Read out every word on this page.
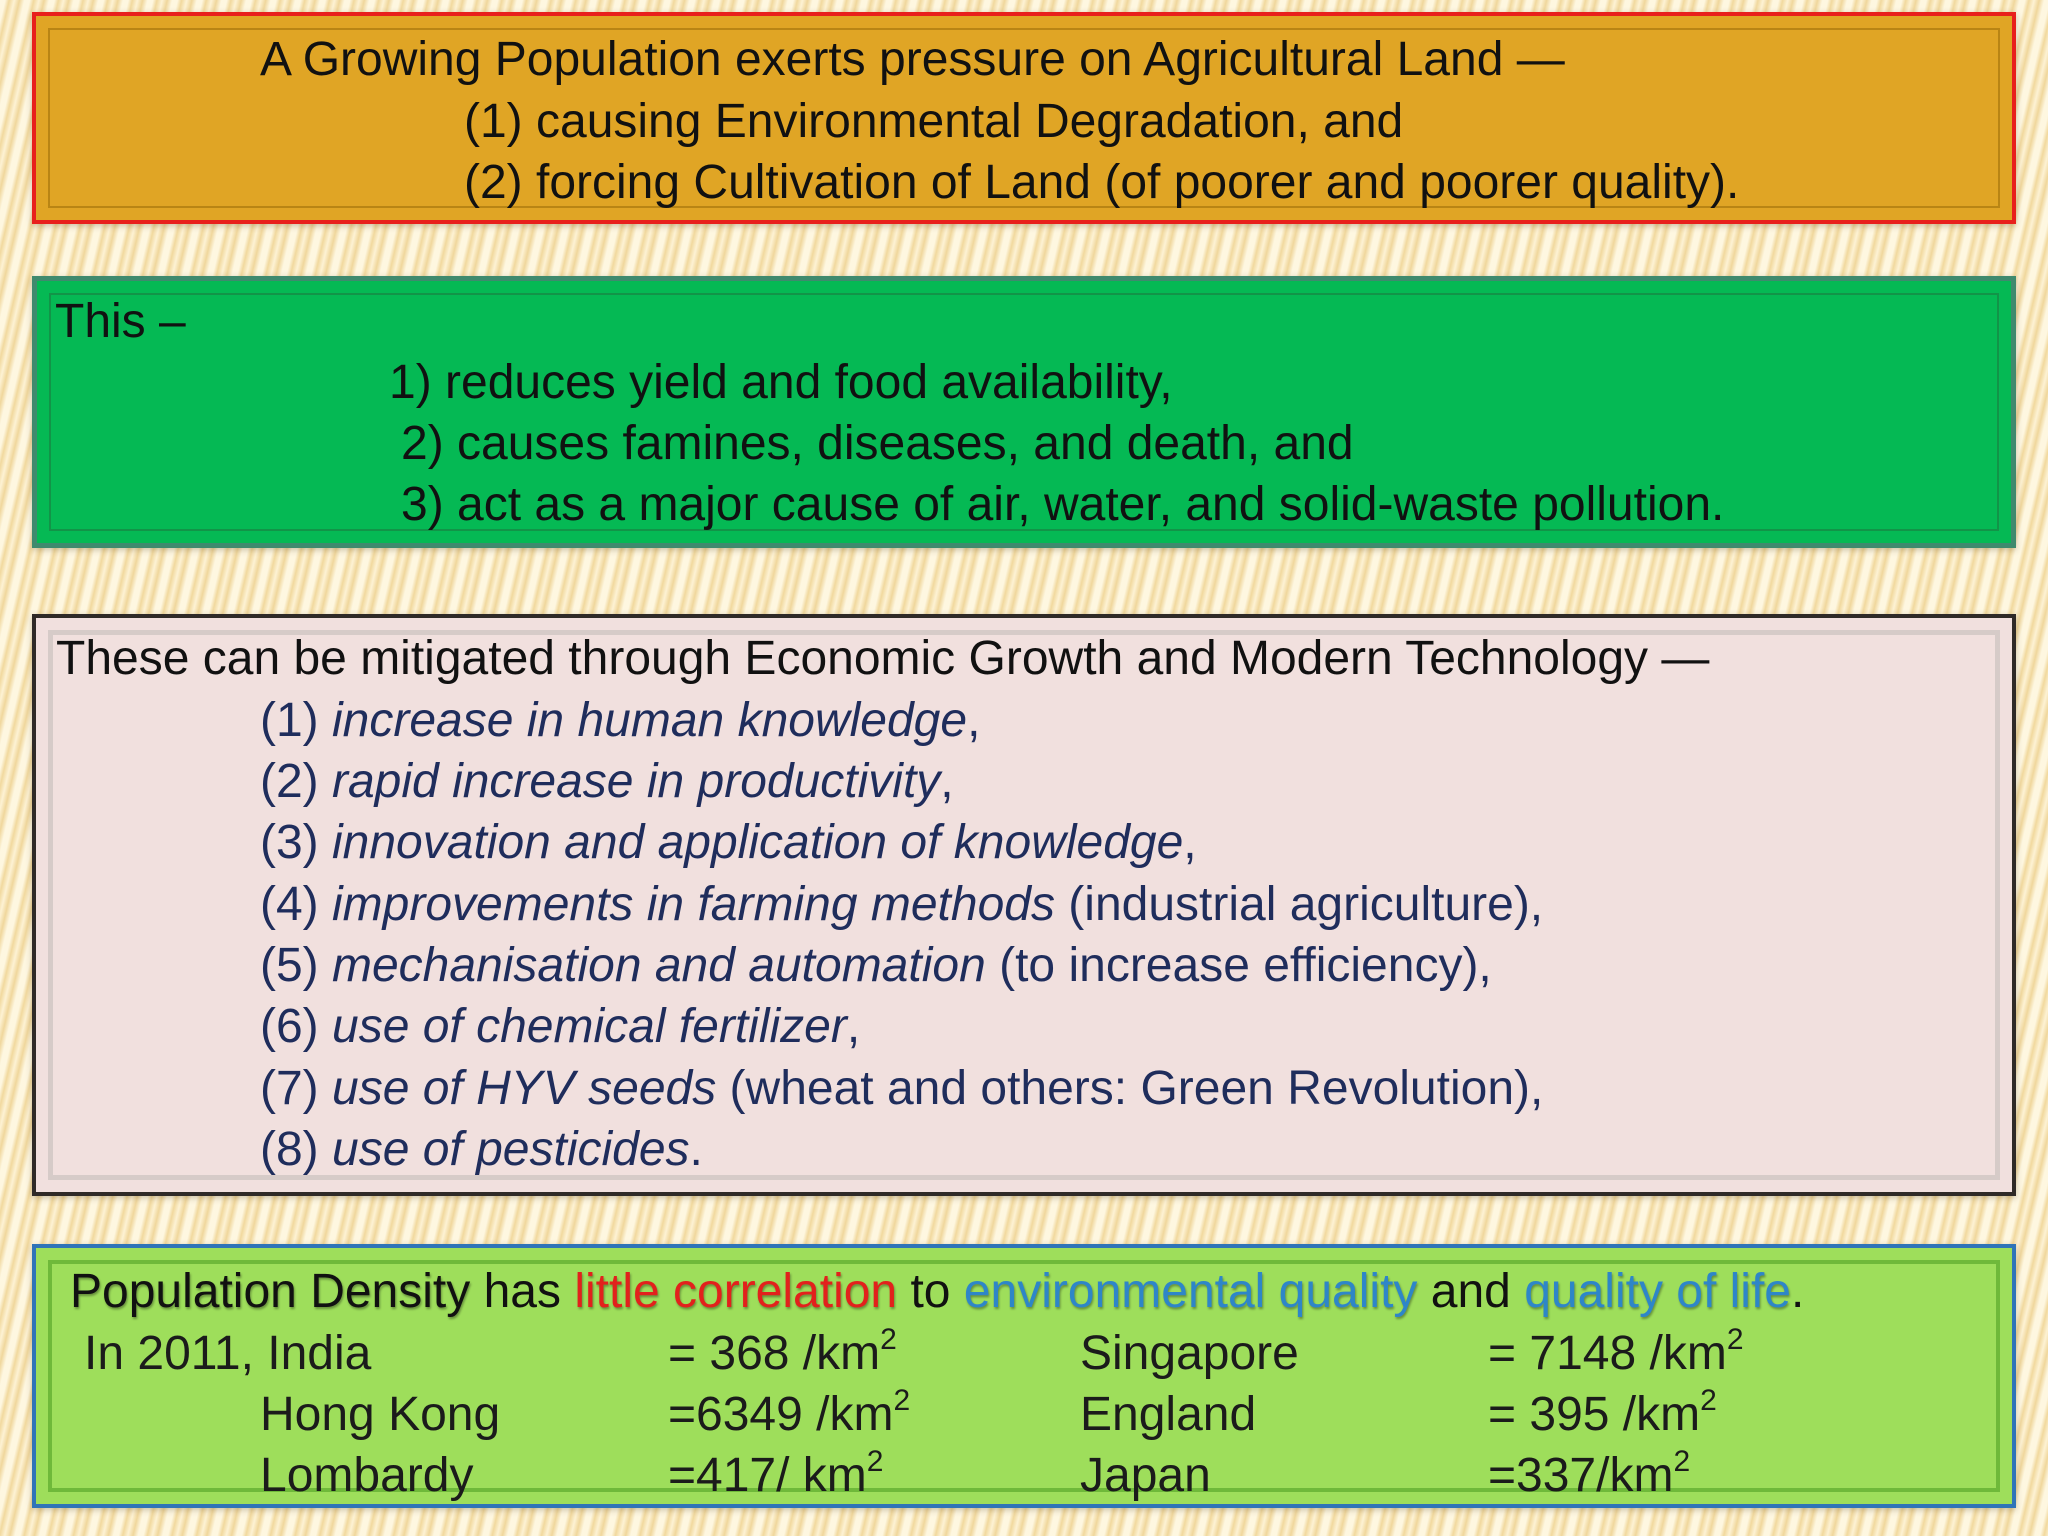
A Growing Population exerts pressure on Agricultural Land —
(1) causing Environmental Degradation, and
(2) forcing Cultivation of Land (of poorer and poorer quality).
This –
1) reduces yield and food availability,
2) causes famines, diseases, and death, and
3) act as a major cause of air, water, and solid-waste pollution.
These can be mitigated through Economic Growth and Modern Technology —
(1) increase in human knowledge,
(2) rapid increase in productivity,
(3) innovation and application of knowledge,
(4) improvements in farming methods (industrial agriculture),
(5) mechanisation and automation (to increase efficiency),
(6) use of chemical fertilizer,
(7) use of HYV seeds (wheat and others: Green Revolution),
(8) use of pesticides.
Population Density has little correlation to environmental quality and quality of life.
In 2011, India	= 368 $/km^2$	Singapore	= 7148 $/km^2$
Hong Kong	=6349 $/km^2$	England	= 395 $/km^2$
Lombardy	=417/ $km^2$	Japan	$=337/km^2$
